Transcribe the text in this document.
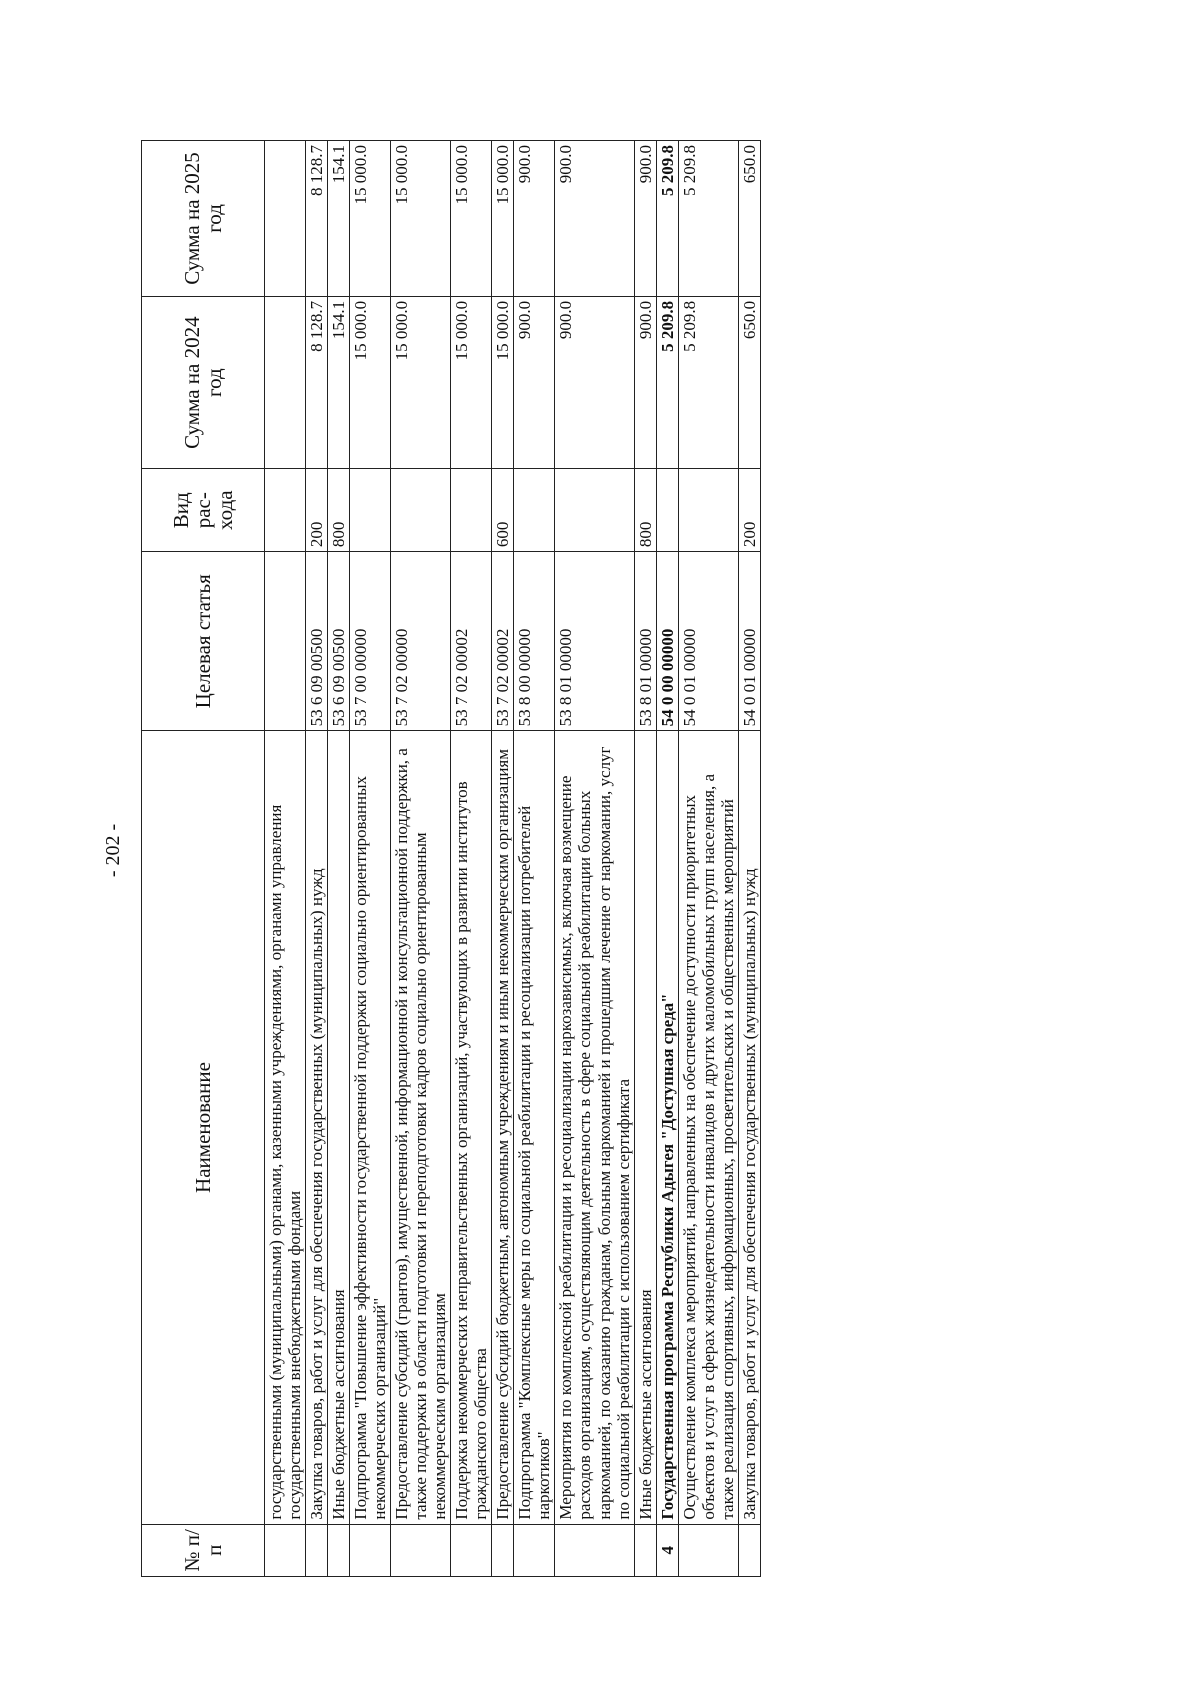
- 202 -
№ п/п	Наименование	Целевая статья	Вид рас-хода	Сумма на 2024 год	Сумма на 2025 год
	государственными (муниципальными) органами, казенными учреждениями, органами управления государственными внебюджетными фондами				
	Закупка товаров, работ и услуг для обеспечения государственных (муниципальных) нужд	53 6 09 00500	200	8 128.7	8 128.7
	Иные бюджетные ассигнования	53 6 09 00500	800	154.1	154.1
	Подпрограмма "Повышение эффективности государственной поддержки социально ориентированных некоммерческих организаций"	53 7 00 00000		15 000.0	15 000.0
	Предоставление субсидий (грантов), имущественной, информационной и консультационной поддержки, а также поддержки в области подготовки и переподготовки кадров социально ориентированным некоммерческим организациям	53 7 02 00000		15 000.0	15 000.0
	Поддержка некоммерческих неправительственных организаций, участвующих в развитии институтов гражданского общества	53 7 02 00002		15 000.0	15 000.0
	Предоставление субсидий бюджетным, автономным учреждениям и иным некоммерческим организациям	53 7 02 00002	600	15 000.0	15 000.0
	Подпрограмма "Комплексные меры по социальной реабилитации и ресоциализации потребителей наркотиков"	53 8 00 00000		900.0	900.0
	Мероприятия по комплексной реабилитации и ресоциализации наркозависимых, включая возмещение расходов организациям, осуществляющим деятельность в сфере социальной реабилитации больных наркоманией, по оказанию гражданам, больным наркоманией и прошедшим лечение от наркомании, услуг по социальной реабилитации с использованием сертификата	53 8 01 00000		900.0	900.0
	Иные бюджетные ассигнования	53 8 01 00000	800	900.0	900.0
4	Государственная программа Республики Адыгея "Доступная среда"	54 0 00 00000		5 209.8	5 209.8
	Осуществление комплекса мероприятий, направленных на обеспечение доступности приоритетных объектов и услуг в сферах жизнедеятельности инвалидов и других маломобильных групп населения, а также реализация спортивных, информационных, просветительских и общественных мероприятий	54 0 01 00000		5 209.8	5 209.8
	Закупка товаров, работ и услуг для обеспечения государственных (муниципальных) нужд	54 0 01 00000	200	650.0	650.0
